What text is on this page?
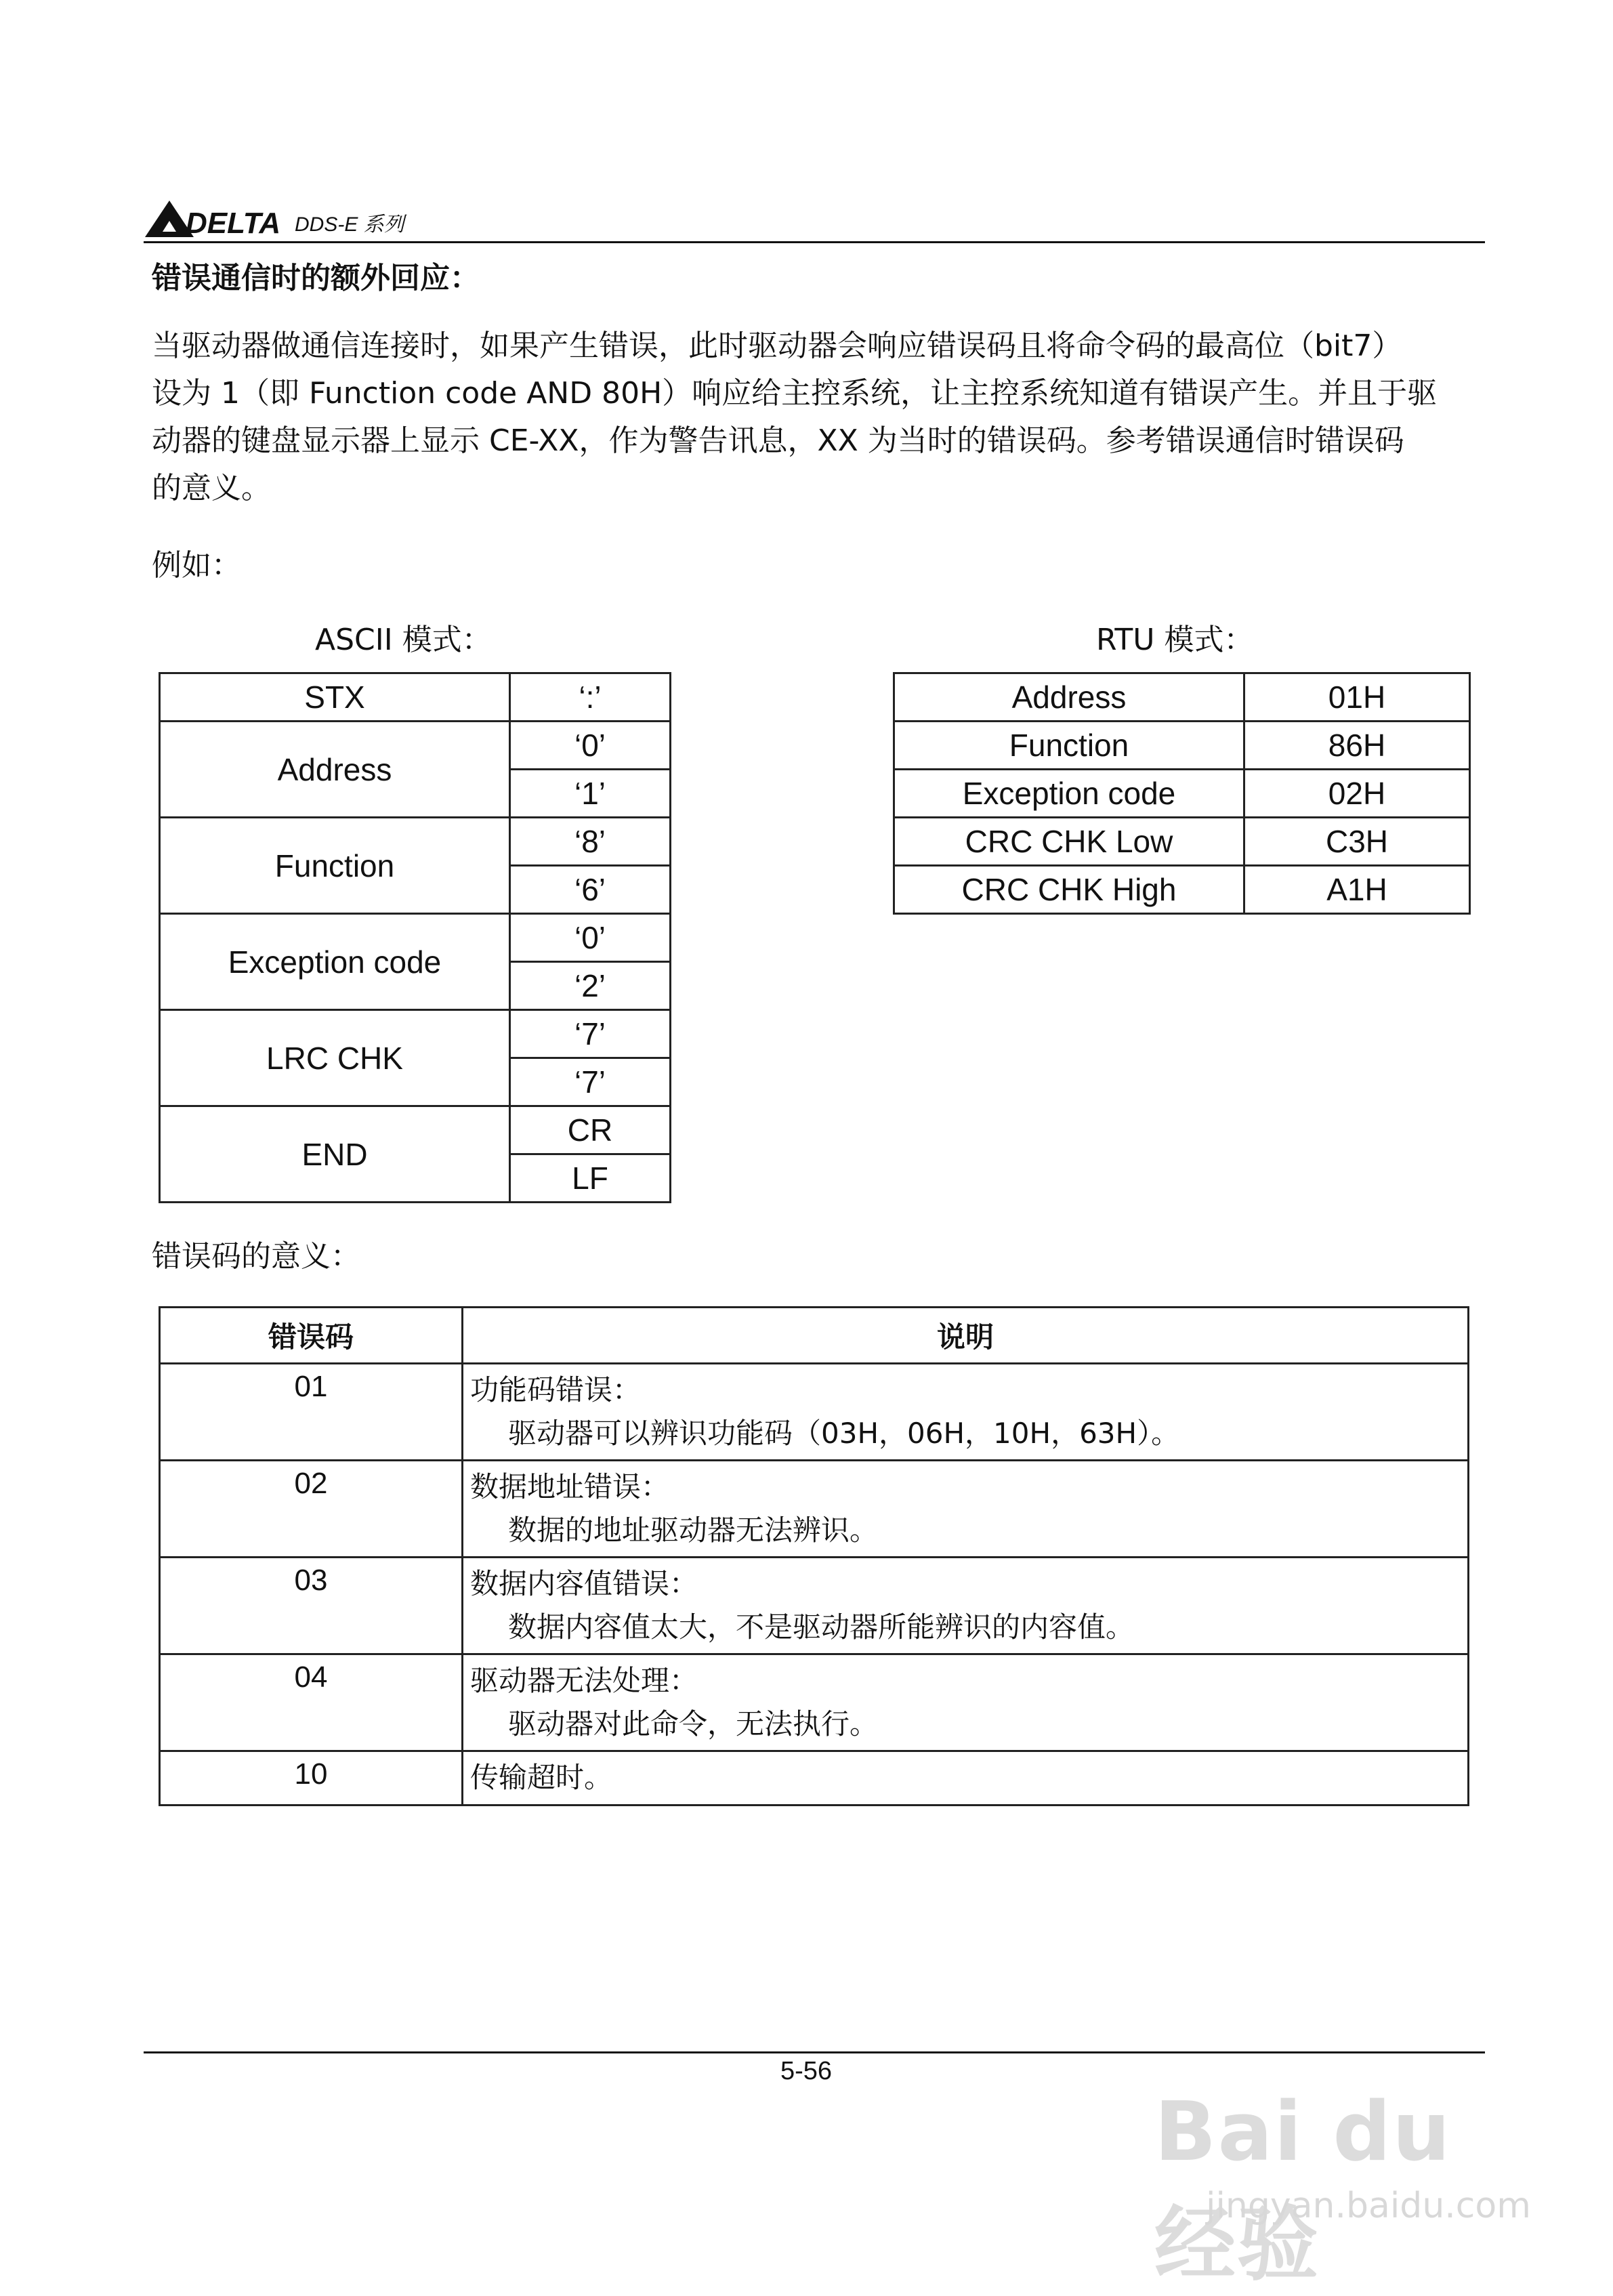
DELTA DDS-E 系列
错误通信时的额外回应：
当驱动器做通信连接时，如果产生错误，此时驱动器会响应错误码且将命令码的最高位（bit7）
设为 1（即 Function code AND 80H）响应给主控系统，让主控系统知道有错误产生。并且于驱
动器的键盘显示器上显示 CE-XX，作为警告讯息，XX 为当时的错误码。参考错误通信时错误码
的意义。
例如：
ASCII 模式：	RTU 模式：
STX	‘:’
Address	‘0’
	‘1’
Function	‘8’
	‘6’
Exception code	‘0’
	‘2’
LRC CHK	‘7’
	‘7’
END	CR
	LF
Address	01H
Function	86H
Exception code	02H
CRC CHK Low	C3H
CRC CHK High	A1H
错误码的意义：
错误码	说明
01	功能码错误：
驱动器可以辨识功能码（03H，06H，10H，63H）。

02	数据地址错误：
数据的地址驱动器无法辨识。

03	数据内容值错误：
数据内容值太大，不是驱动器所能辨识的内容值。

04	驱动器无法处理：
驱动器对此命令，无法执行。

10	传输超时。
5-56
Bai du 经验
jingyan.baidu.com
